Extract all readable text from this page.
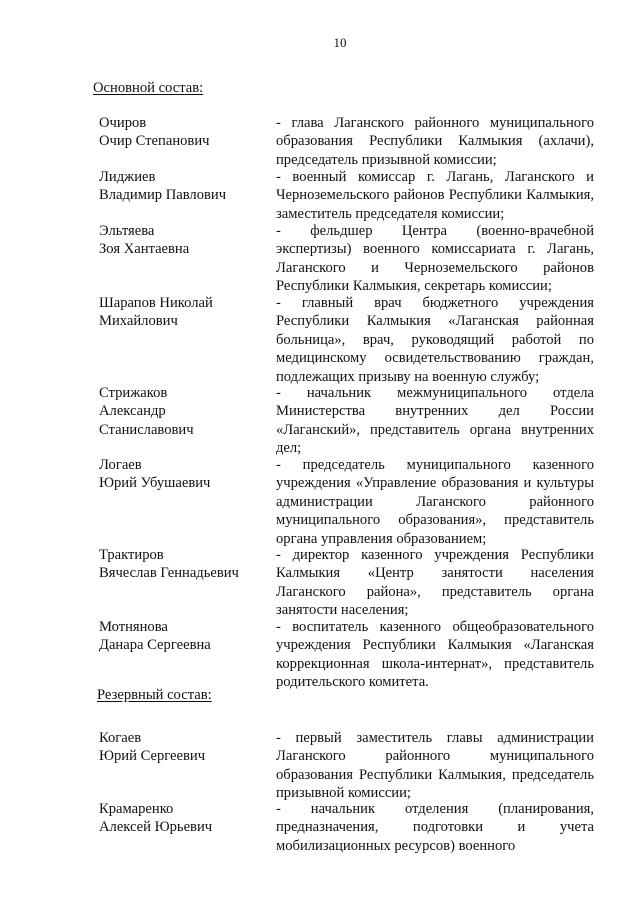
10
Основной состав:
Очиров
Очир Степанович
- глава Лаганского районного муниципального образования Республики Калмыкия (ахлачи), председатель призывной комиссии;
Лиджиев
Владимир Павлович
- военный комиссар г. Лагань, Лаганского и Черноземельского районов Республики Калмыкия, заместитель председателя комиссии;
Эльтяева
Зоя Хантаевна
- фельдшер Центра (военно-врачебной экспертизы) военного комиссариата г. Лагань, Лаганского и Черноземельского районов Республики Калмыкия, секретарь комиссии;
Шарапов Николай
Михайлович
- главный врач бюджетного учреждения Республики Калмыкия «Лаганская районная больница», врач, руководящий работой по медицинскому освидетельствованию граждан, подлежащих призыву на военную службу;
Стрижаков
Александр
Станиславович
- начальник межмуниципального отдела Министерства внутренних дел России «Лаганский», представитель органа внутренних дел;
Логаев
Юрий Убушаевич
- председатель муниципального казенного учреждения «Управление образования и культуры администрации Лаганского районного муниципального образования», представитель органа управления образованием;
Трактиров
Вячеслав Геннадьевич
- директор казенного учреждения Республики Калмыкия «Центр занятости населения Лаганского района», представитель органа занятости населения;
Мотнянова
Данара Сергеевна
- воспитатель казенного общеобразовательного учреждения Республики Калмыкия «Лаганская коррекционная школа-интернат», представитель родительского комитета.
Резервный состав:
Когаев
Юрий Сергеевич
- первый заместитель главы администрации Лаганского районного муниципального образования Республики Калмыкия, председатель призывной комиссии;
Крамаренко
Алексей Юрьевич
- начальник отделения (планирования, предназначения, подготовки и учета мобилизационных ресурсов) военного
